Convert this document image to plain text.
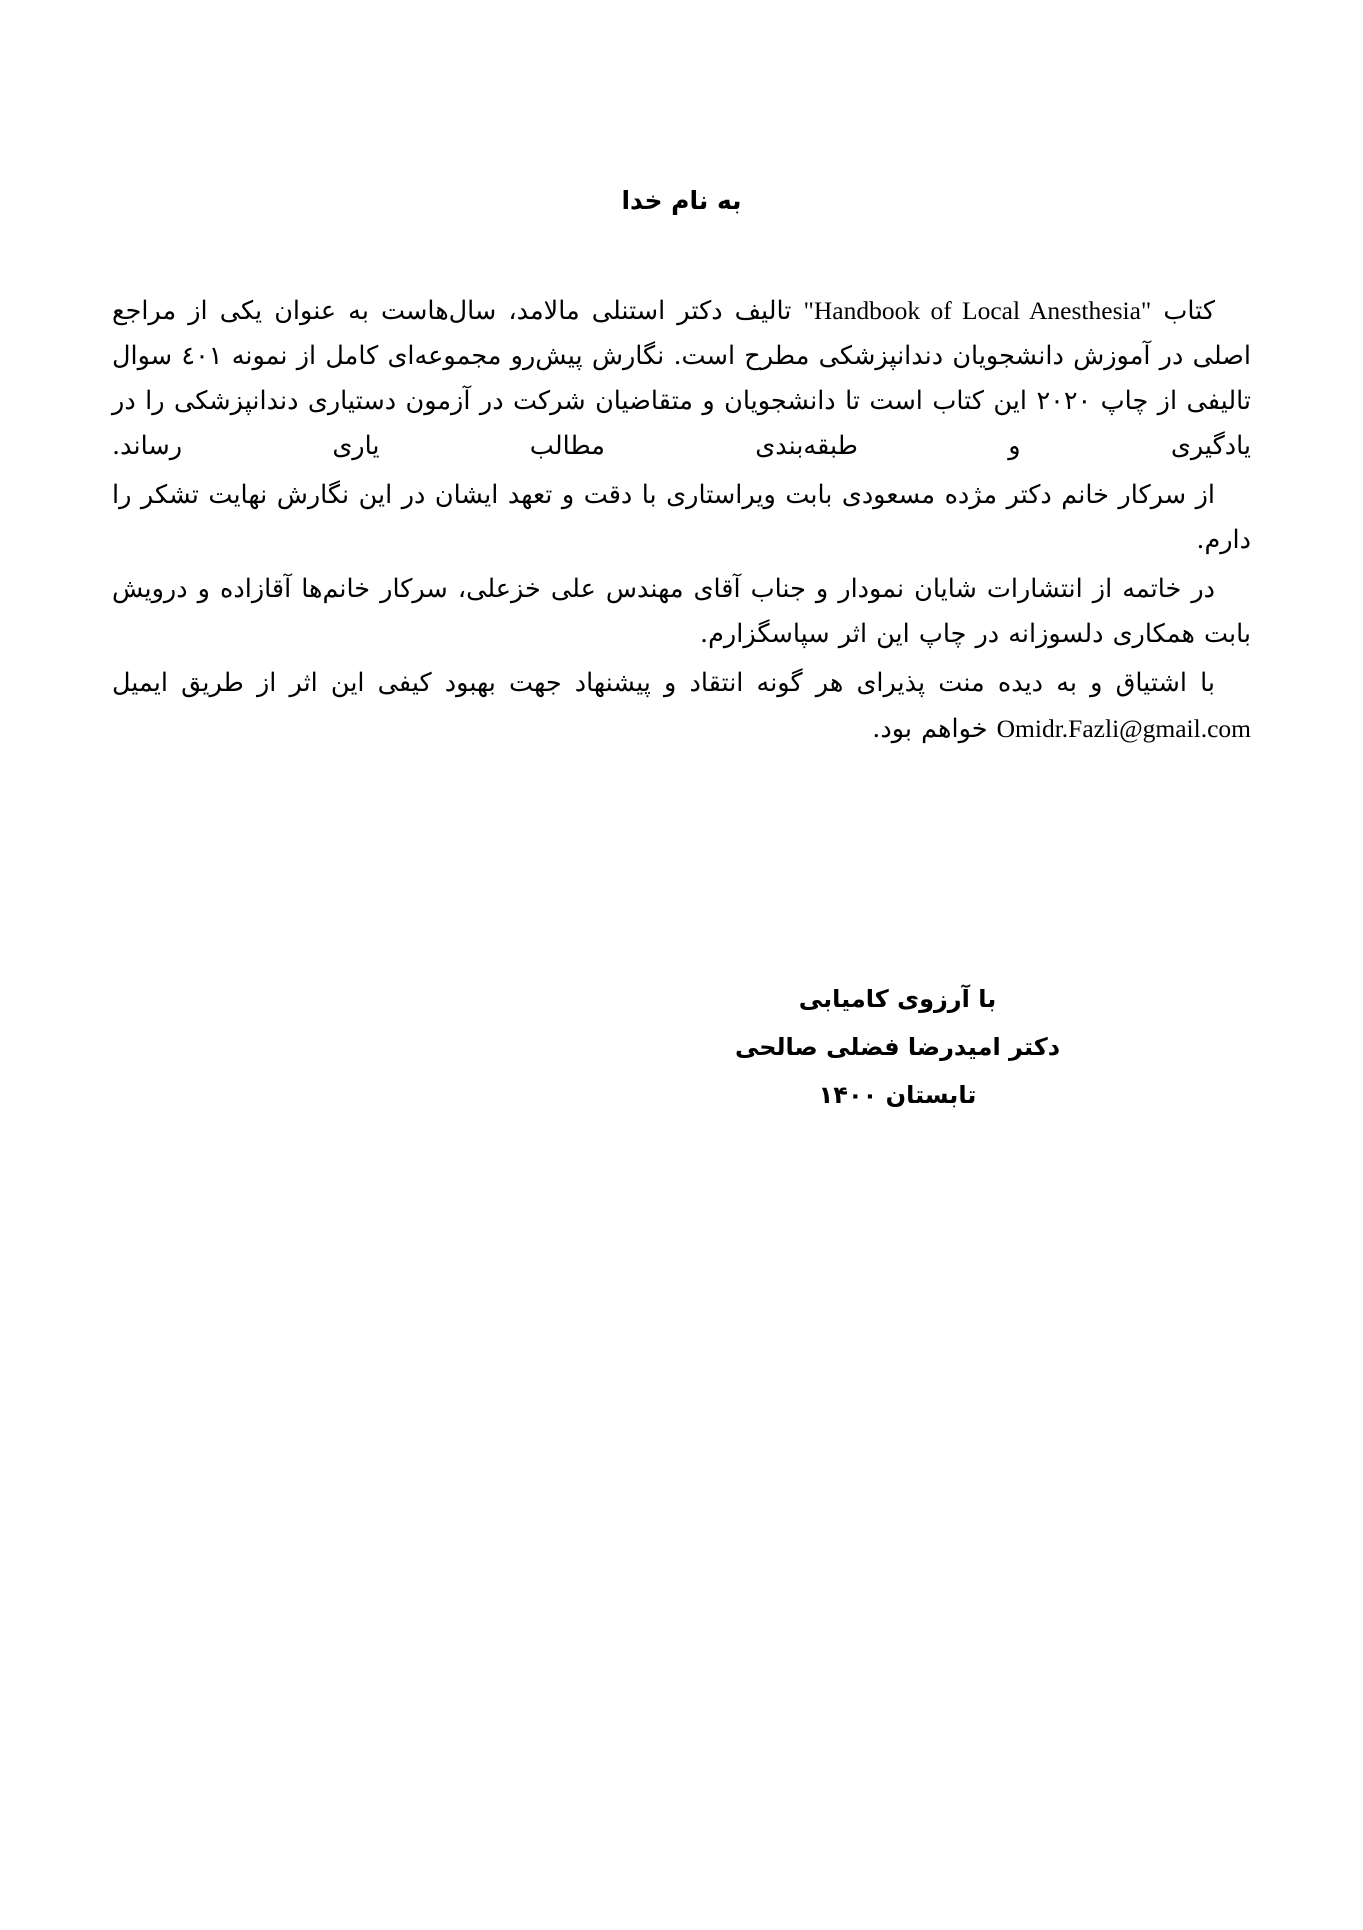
به نام خدا

کتاب "Handbook of Local Anesthesia" تالیف دکتر استنلی مالامد، سال‌هاست به عنوان یکی از مراجع اصلی در آموزش دانشجویان دندانپزشکی مطرح است. نگارش پیش‌رو مجموعه‌ای کامل از نمونه ٤٠١ سوال تالیفی از چاپ ٢٠٢٠ این کتاب است تا دانشجویان و متقاضیان شرکت در آزمون دستیاری دندانپزشکی را در یادگیری و طبقه‌بندی مطالب یاری رساند.

از سرکار خانم دکتر مژده مسعودی بابت ویراستاری با دقت و تعهد ایشان در این نگارش نهایت تشکر را دارم.

در خاتمه از انتشارات شایان نمودار و جناب آقای مهندس علی خزعلی، سرکار خانم‌ها آقازاده و درویش بابت همکاری دلسوزانه در چاپ این اثر سپاسگزارم.

با اشتیاق و به دیده منت پذیرای هر گونه انتقاد و پیشنهاد جهت بهبود کیفی این اثر از طریق ایمیل Omidr.Fazli@gmail.com خواهم بود.

با آرزوی کامیابی
دکتر امیدرضا فضلی صالحی
تابستان ۱۴۰۰
